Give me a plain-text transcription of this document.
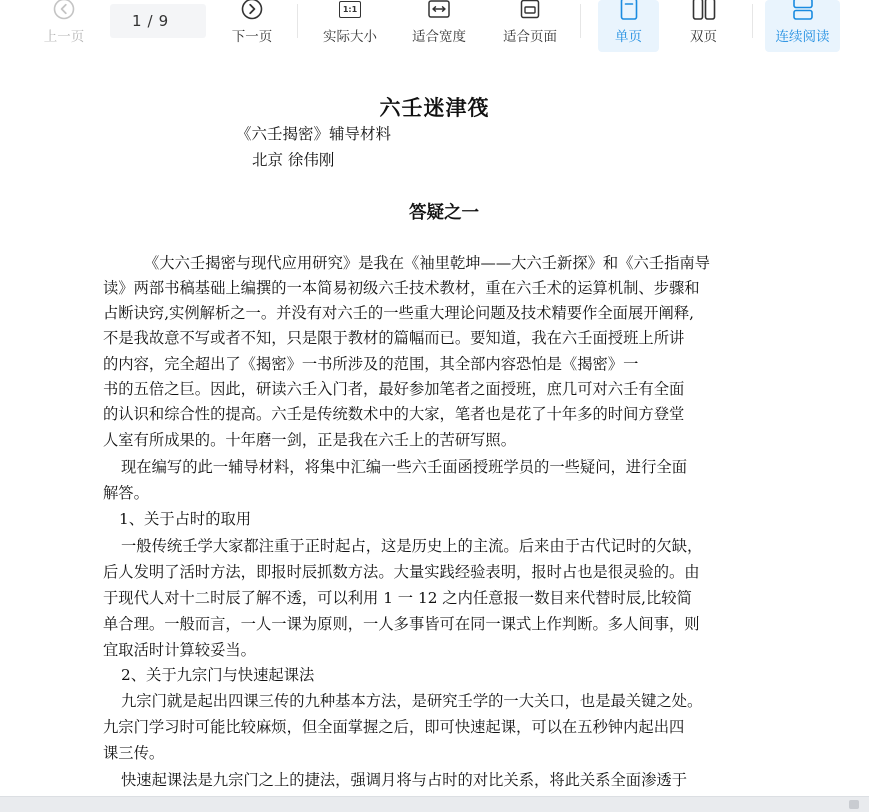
上一页
1 / 9
下一页
1:1
实际大小	适合宽度	适合页面	单页	双页	连续阅读
六壬迷津筏
《六壬揭密》辅导材料
北京 徐伟刚
答疑之一
《大六壬揭密与现代应用研究》是我在《袖里乾坤——大六壬新探》和《六壬指南导
读》两部书稿基础上编撰的一本简易初级六壬技术教材，重在六壬术的运算机制、步骤和
占断诀窍,实例解析之一。并没有对六壬的一些重大理论问题及技术精要作全面展开阐释,
不是我故意不写或者不知，只是限于教材的篇幅而已。要知道，我在六壬面授班上所讲
的内容，完全超出了《揭密》一书所涉及的范围，其全部内容恐怕是《揭密》一
书的五倍之巨。因此，研读六壬入门者，最好参加笔者之面授班，庶几可对六壬有全面
的认识和综合性的提高。六壬是传统数术中的大家，笔者也是花了十年多的时间方登堂
人室有所成果的。十年磨一剑，正是我在六壬上的苦研写照。
现在编写的此一辅导材料，将集中汇编一些六壬面函授班学员的一些疑问，进行全面
解答。
1、关于占时的取用
一般传统壬学大家都注重于正时起占，这是历史上的主流。后来由于古代记时的欠缺，
后人发明了活时方法，即报时辰抓数方法。大量实践经验表明，报时占也是很灵验的。由
于现代人对十二时辰了解不透，可以利用 1 一 12 之内任意报一数目来代替时辰,比较简
单合理。一般而言，一人一课为原则，一人多事皆可在同一课式上作判断。多人间事，则
宜取活时计算较妥当。
2、关于九宗门与快速起课法
九宗门就是起出四课三传的九种基本方法，是研究壬学的一大关口，也是最关键之处。
九宗门学习时可能比较麻烦，但全面掌握之后，即可快速起课，可以在五秒钟内起出四
课三传。
快速起课法是九宗门之上的捷法，强调月将与占时的对比关系，将此关系全面渗透于
